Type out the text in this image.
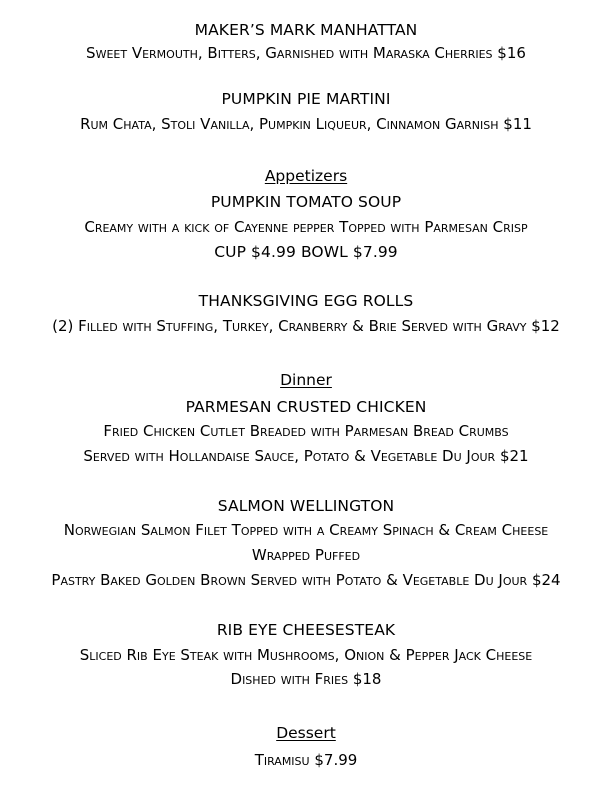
MAKER’S MARK MANHATTAN
Sweet Vermouth, Bitters, Garnished with Maraska Cherries $16
PUMPKIN PIE MARTINI
Rum Chata, Stoli Vanilla, Pumpkin Liqueur, Cinnamon Garnish $11
Appetizers
PUMPKIN TOMATO SOUP
Creamy with a kick of Cayenne pepper Topped with Parmesan Crisp
CUP $4.99 BOWL $7.99
THANKSGIVING EGG ROLLS
(2) Filled with Stuffing, Turkey, Cranberry & Brie Served with Gravy $12
Dinner
PARMESAN CRUSTED CHICKEN
Fried Chicken Cutlet Breaded with Parmesan Bread Crumbs
Served with Hollandaise Sauce, Potato & Vegetable Du Jour $21
SALMON WELLINGTON
Norwegian Salmon Filet Topped with a Creamy Spinach & Cream Cheese
Wrapped Puffed
Pastry Baked Golden Brown Served with Potato & Vegetable Du Jour $24
RIB EYE CHEESESTEAK
Sliced Rib Eye Steak with Mushrooms, Onion & Pepper Jack Cheese
Dished with Fries $18
Dessert
Tiramisu $7.99
